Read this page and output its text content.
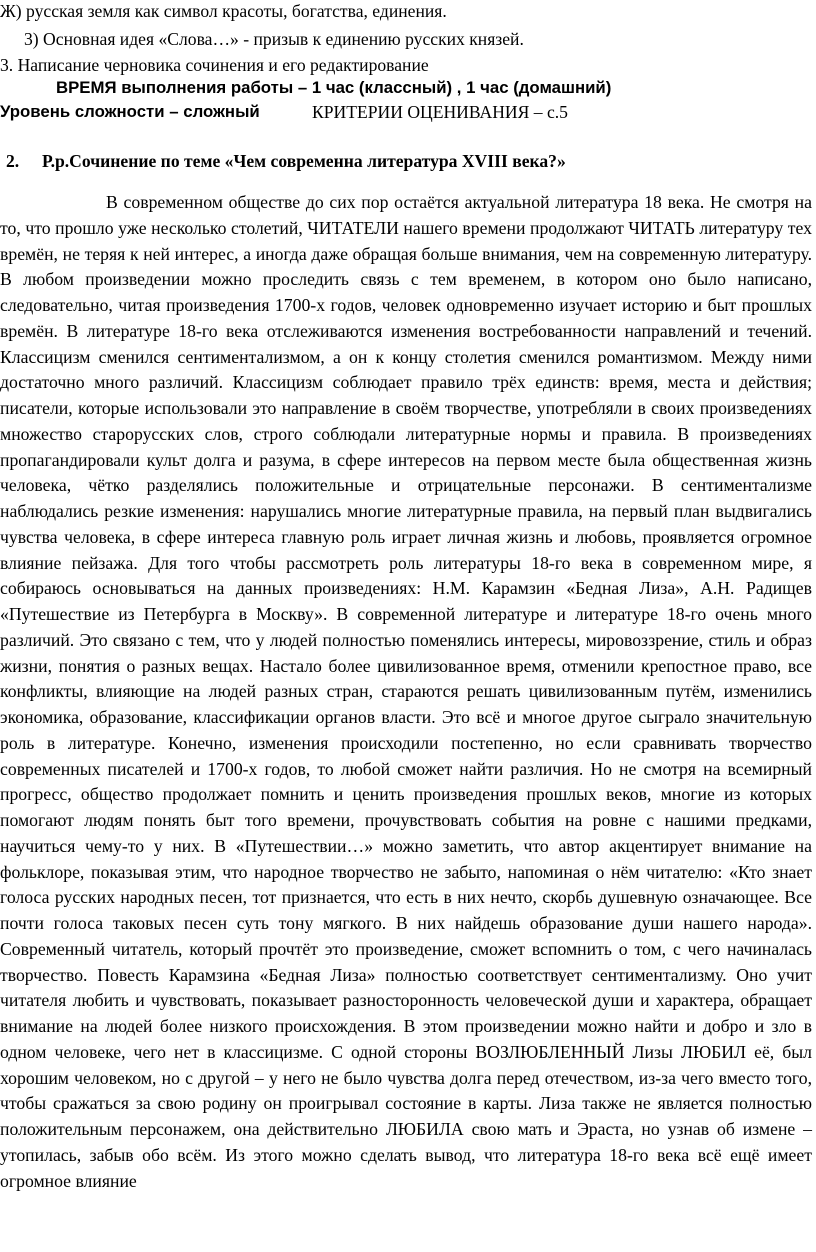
Ж) русская земля как символ красоты, богатства, единения.

3) Основная идея «Слова…» - призыв к единению русских князей.

3. Написание черновика сочинения и его редактирование

ВРЕМЯ выполнения работы – 1 час (классный) , 1 час (домашний)

Уровень сложности – сложный	КРИТЕРИИ ОЦЕНИВАНИЯ – с.5

2. Р.р.Сочинение по теме «Чем современна литература XVIII века?»

В современном обществе до сих пор остаётся актуальной литература 18 века. Не смотря на то, что прошло уже несколько столетий, ЧИТАТЕЛИ нашего времени продолжают ЧИТАТЬ литературу тех времён, не теряя к ней интерес, а иногда даже обращая больше внимания, чем на современную литературу. В любом произведении можно проследить связь с тем временем, в котором оно было написано, следовательно, читая произведения 1700-х годов, человек одновременно изучает историю и быт прошлых времён. В литературе 18-го века отслеживаются изменения востребованности направлений и течений. Классицизм сменился сентиментализмом, а он к концу столетия сменился романтизмом. Между ними достаточно много различий. Классицизм соблюдает правило трёх единств: время, места и действия; писатели, которые использовали это направление в своём творчестве, употребляли в своих произведениях множество старорусских слов, строго соблюдали литературные нормы и правила. В произведениях пропагандировали культ долга и разума, в сфере интересов на первом месте была общественная жизнь человека, чётко разделялись положительные и отрицательные персонажи. В сентиментализме наблюдались резкие изменения: нарушались многие литературные правила, на первый план выдвигались чувства человека, в сфере интереса главную роль играет личная жизнь и любовь, проявляется огромное влияние пейзажа. Для того чтобы рассмотреть роль литературы 18-го века в современном мире, я собираюсь основываться на данных произведениях: Н.М. Карамзин «Бедная Лиза», А.Н. Радищев «Путешествие из Петербурга в Москву». В современной литературе и литературе 18-го очень много различий. Это связано с тем, что у людей полностью поменялись интересы, мировоззрение, стиль и образ жизни, понятия о разных вещах. Настало более цивилизованное время, отменили крепостное право, все конфликты, влияющие на людей разных стран, стараются решать цивилизованным путём, изменились экономика, образование, классификации органов власти. Это всё и многое другое сыграло значительную роль в литературе. Конечно, изменения происходили постепенно, но если сравнивать творчество современных писателей и 1700-х годов, то любой сможет найти различия. Но не смотря на всемирный прогресс, общество продолжает помнить и ценить произведения прошлых веков, многие из которых помогают людям понять быт того времени, прочувствовать события на ровне с нашими предками, научиться чему-то у них. В «Путешествии…» можно заметить, что автор акцентирует внимание на фольклоре, показывая этим, что народное творчество не забыто, напоминая о нём читателю: «Кто знает голоса русских народных песен, тот признается, что есть в них нечто, скорбь душевную означающее. Все почти голоса таковых песен суть тону мягкого. В них найдешь образование души нашего народа». Современный читатель, который прочтёт это произведение, сможет вспомнить о том, с чего начиналась творчество. Повесть Карамзина «Бедная Лиза» полностью соответствует сентиментализму. Оно учит читателя любить и чувствовать, показывает разносторонность человеческой души и характера, обращает внимание на людей более низкого происхождения. В этом произведении можно найти и добро и зло в одном человеке, чего нет в классицизме. С одной стороны ВОЗЛЮБЛЕННЫЙ Лизы ЛЮБИЛ её, был хорошим человеком, но с другой – у него не было чувства долга перед отечеством, из-за чего вместо того, чтобы сражаться за свою родину он проигрывал состояние в карты. Лиза также не является полностью положительным персонажем, она действительно ЛЮБИЛА свою мать и Эраста, но узнав об измене – утопилась, забыв обо всём. Из этого можно сделать вывод, что литература 18-го века всё ещё имеет огромное влияние
